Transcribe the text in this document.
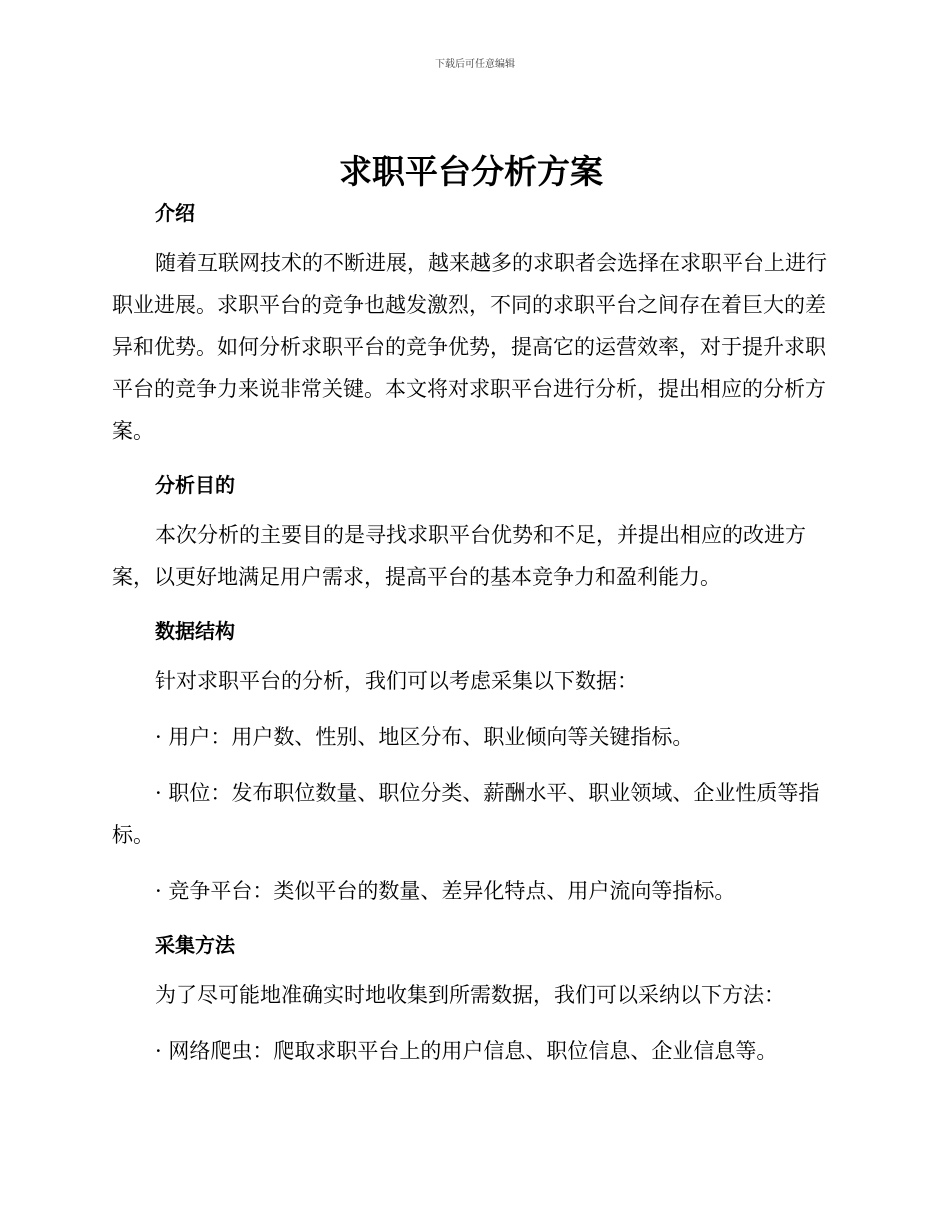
下载后可任意编辑
求职平台分析方案
介绍
随着互联网技术的不断进展，越来越多的求职者会选择在求职平台上进行职业进展。求职平台的竞争也越发激烈，不同的求职平台之间存在着巨大的差异和优势。如何分析求职平台的竞争优势，提高它的运营效率，对于提升求职平台的竞争力来说非常关键。本文将对求职平台进行分析，提出相应的分析方案。
分析目的
本次分析的主要目的是寻找求职平台优势和不足，并提出相应的改进方案，以更好地满足用户需求，提高平台的基本竞争力和盈利能力。
数据结构
针对求职平台的分析，我们可以考虑采集以下数据：
· 用户：用户数、性别、地区分布、职业倾向等关键指标。
· 职位：发布职位数量、职位分类、薪酬水平、职业领域、企业性质等指标。
· 竞争平台：类似平台的数量、差异化特点、用户流向等指标。
采集方法
为了尽可能地准确实时地收集到所需数据，我们可以采纳以下方法：
· 网络爬虫：爬取求职平台上的用户信息、职位信息、企业信息等。
